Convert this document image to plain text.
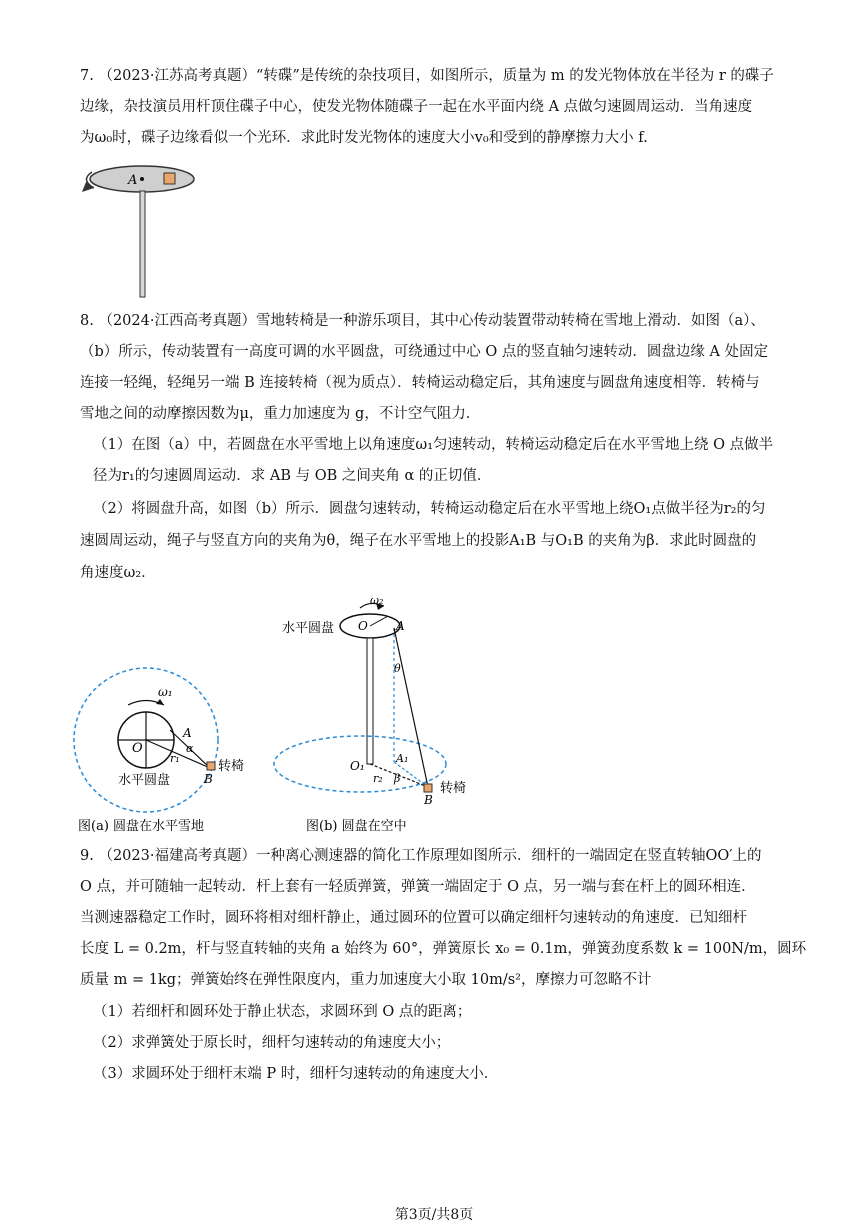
7. （2023·江苏高考真题）“转碟”是传统的杂技项目，如图所示，质量为 m 的发光物体放在半径为 r 的碟子
边缘，杂技演员用杆顶住碟子中心，使发光物体随碟子一起在水平面内绕 A 点做匀速圆周运动．当角速度
为ω₀时，碟子边缘看似一个光环．求此时发光物体的速度大小v₀和受到的静摩擦力大小 f.
A
8. （2024·江西高考真题）雪地转椅是一种游乐项目，其中心传动装置带动转椅在雪地上滑动．如图（a）、
（b）所示，传动装置有一高度可调的水平圆盘，可绕通过中心 O 点的竖直轴匀速转动．圆盘边缘 A 处固定
连接一轻绳，轻绳另一端 B 连接转椅（视为质点）．转椅运动稳定后，其角速度与圆盘角速度相等．转椅与
雪地之间的动摩擦因数为μ，重力加速度为 g，不计空气阻力．
（1）在图（a）中，若圆盘在水平雪地上以角速度ω₁匀速转动，转椅运动稳定后在水平雪地上绕 O 点做半
径为r₁的匀速圆周运动．求 AB 与 OB 之间夹角 α 的正切值．
（2）将圆盘升高，如图（b）所示．圆盘匀速转动，转椅运动稳定后在水平雪地上绕O₁点做半径为r₂的匀
速圆周运动，绳子与竖直方向的夹角为θ，绳子在水平雪地上的投影A₁B 与O₁B 的夹角为β．求此时圆盘的
角速度ω₂．
ω₁
O
A
α
r₁
B
转椅
水平圆盘
图(a) 圆盘在水平雪地
水平圆盘
ω₂
O A
θ
O₁
A₁
r₂ β
B
转椅
图(b) 圆盘在空中
9. （2023·福建高考真题）一种离心测速器的简化工作原理如图所示．细杆的一端固定在竖直转轴OO′上的
O 点，并可随轴一起转动．杆上套有一轻质弹簧，弹簧一端固定于 O 点，另一端与套在杆上的圆环相连．
当测速器稳定工作时，圆环将相对细杆静止，通过圆环的位置可以确定细杆匀速转动的角速度．已知细杆
长度 L = 0.2m，杆与竖直转轴的夹角 a 始终为 60°，弹簧原长 x₀ = 0.1m，弹簧劲度系数 k = 100N/m，圆环
质量 m = 1kg；弹簧始终在弹性限度内，重力加速度大小取 10m/s²，摩擦力可忽略不计
（1）若细杆和圆环处于静止状态，求圆环到 O 点的距离；
（2）求弹簧处于原长时，细杆匀速转动的角速度大小；
（3）求圆环处于细杆末端 P 时，细杆匀速转动的角速度大小．
第3页/共8页
